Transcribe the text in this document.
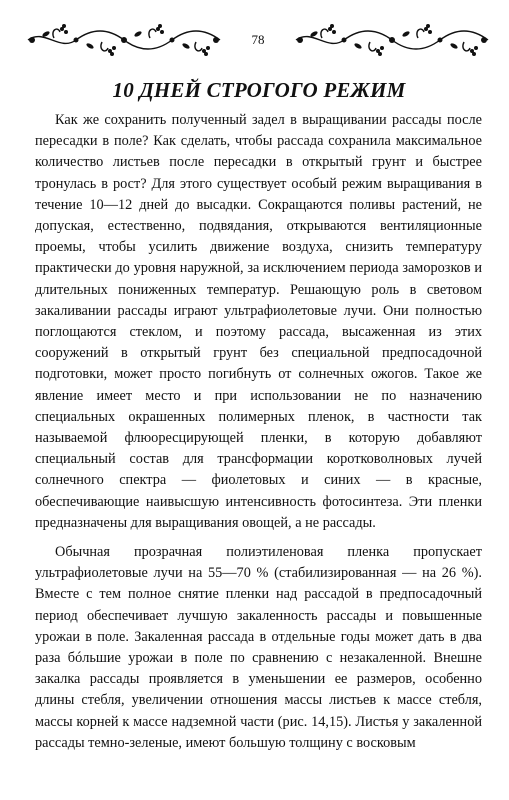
78
10 ДНЕЙ СТРОГОГО РЕЖИМ

Как же сохранить полученный задел в выращивании рассады после пересадки в поле? Как сделать, чтобы рассада сохранила максимальное количество листьев после пересадки в открытый грунт и быстрее тронулась в рост? Для этого существует особый режим выращивания в течение 10—12 дней до высадки. Сокращаются поливы растений, не допуская, естественно, подвядания, открываются вентиляционные проемы, чтобы усилить движение воздуха, снизить температуру практически до уровня наружной, за исключением периода заморозков и длительных пониженных температур. Решающую роль в световом закаливании рассады играют ультрафиолетовые лучи. Они полностью поглощаются стеклом, и поэтому рассада, высаженная из этих сооружений в открытый грунт без специальной предпосадочной подготовки, может просто погибнуть от солнечных ожогов. Такое же явление имеет место и при использовании не по назначению специальных окрашенных полимерных пленок, в частности так называемой флюоресцирующей пленки, в которую добавляют специальный состав для трансформации коротковолновых лучей солнечного спектра — фиолетовых и синих — в красные, обеспечивающие наивысшую интенсивность фотосинтеза. Эти пленки предназначены для выращивания овощей, а не рассады.

Обычная прозрачная полиэтиленовая пленка пропускает ультрафиолетовые лучи на 55—70 % (стабилизированная — на 26 %). Вместе с тем полное снятие пленки над рассадой в предпосадочный период обеспечивает лучшую закаленность рассады и повышенные урожаи в поле. Закаленная рассада в отдельные годы может дать в два раза бóльшие урожаи в поле по сравнению с незакаленной. Внешне закалка рассады проявляется в уменьшении ее размеров, особенно длины стебля, увеличении отношения массы листьев к массе стебля, массы корней к массе надземной части (рис. 14,15). Листья у закаленной рассады темно-зеленые, имеют большую толщину с восковым
